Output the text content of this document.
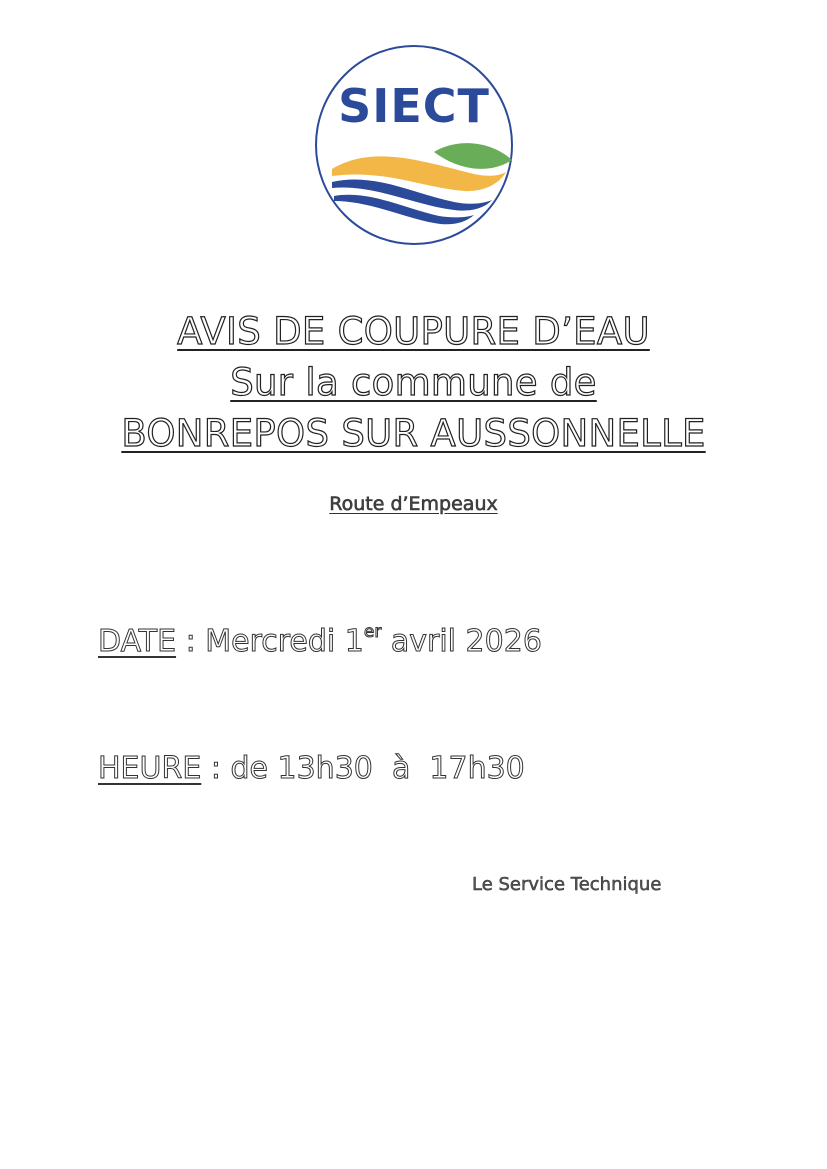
SIECT
AVIS DE COUPURE D’EAU
Sur la commune de
BONREPOS SUR AUSSONNELLE
Route d’Empeaux
DATE : Mercredi 1er avril 2026
HEURE : de 13h30  à  17h30
Le Service Technique
